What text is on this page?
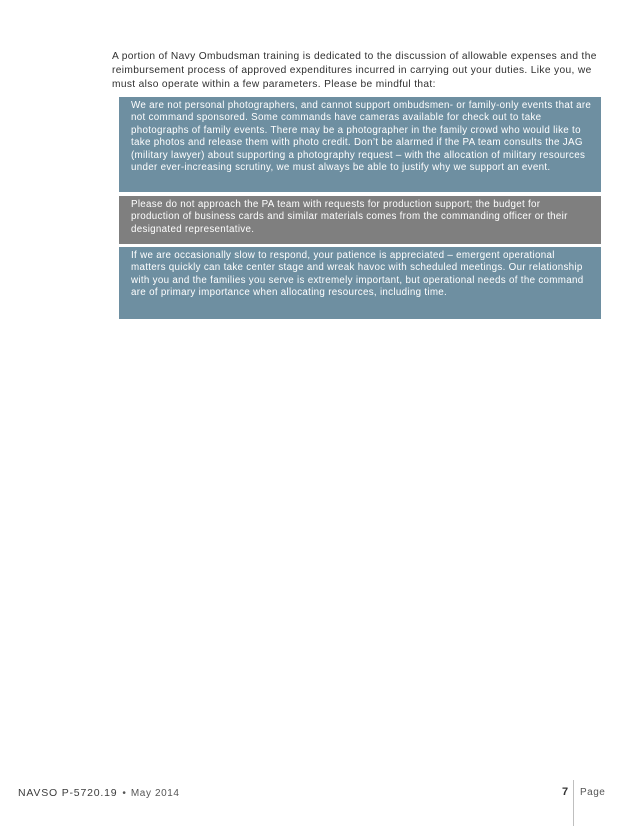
A portion of Navy Ombudsman training is dedicated to the discussion of allowable expenses and the reimbursement process of approved expenditures incurred in carrying out your duties. Like you, we must also operate within a few parameters. Please be mindful that:

We are not personal photographers, and cannot support ombudsmen- or family-only events that are not command sponsored. Some commands have cameras available for check out to take photographs of family events. There may be a photographer in the family crowd who would like to take photos and release them with photo credit. Don’t be alarmed if the PA team consults the JAG (military lawyer) about supporting a photography request – with the allocation of military resources under ever-increasing scrutiny, we must always be able to justify why we support an event.

Please do not approach the PA team with requests for production support; the budget for production of business cards and similar materials comes from the commanding officer or their designated representative.

If we are occasionally slow to respond, your patience is appreciated – emergent operational matters quickly can take center stage and wreak havoc with scheduled meetings. Our relationship with you and the families you serve is extremely important, but operational needs of the command are of primary importance when allocating resources, including time.

NAVSO P-5720.19 • May 2014	7 Page
